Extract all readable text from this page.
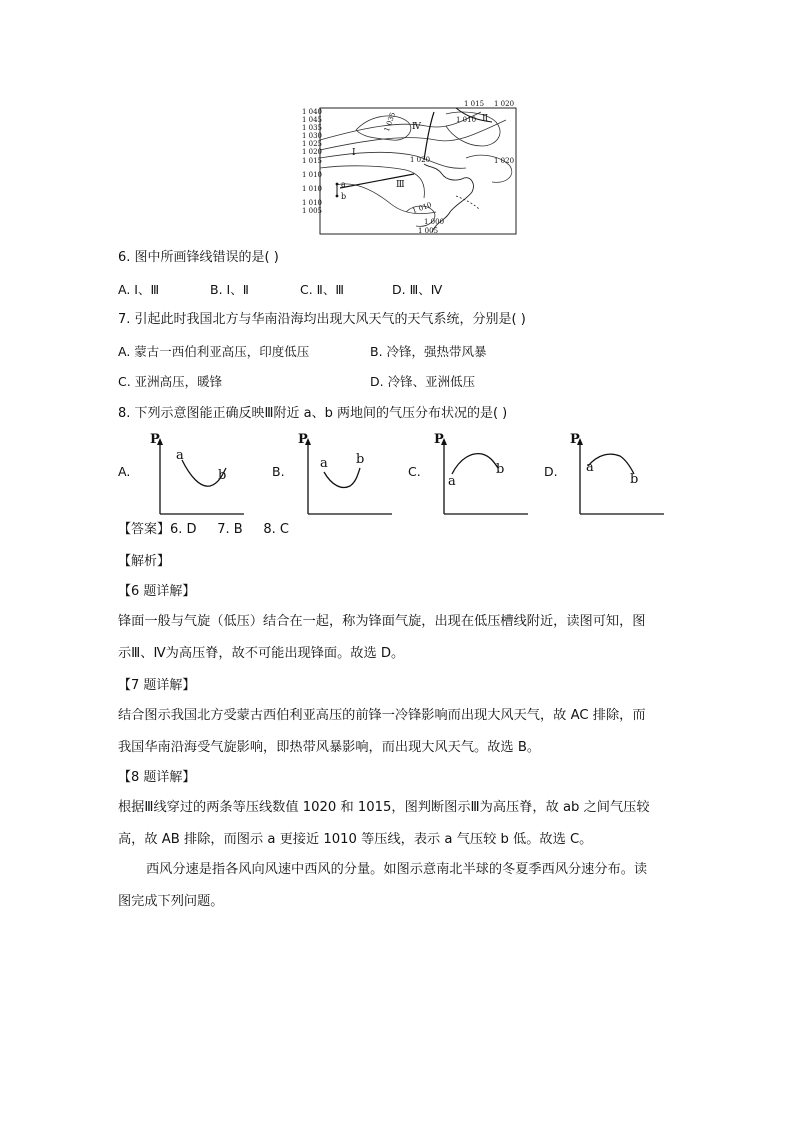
1 040
1 045
1 035
1 030
1 025
1 020
1 015
1 010
1 010
1 010
1 005
1 015 1 020
1 035	1 010
1 020	1 020
1 010
1 000
1 005
Ⅳ
Ⅱ
Ⅰ
Ⅲ
a
b
6. 图中所画锋线错误的是( )
A. Ⅰ、Ⅲ	B. Ⅰ、Ⅱ	C. Ⅱ、Ⅲ	D. Ⅲ、Ⅳ
7. 引起此时我国北方与华南沿海均出现大风天气的天气系统，分别是( )
A. 蒙古一西伯利亚高压，印度低压	B. 冷锋，强热带风暴
C. 亚洲高压，暖锋	D. 冷锋、亚洲低压
8. 下列示意图能正确反映Ⅲ附近 a、b 两地间的气压分布状况的是( )
A.	B.	C.	D.
P
a
b
P
a b
P
a
b
P
a
b
【答案】6. D     7. B     8. C
【解析】
【6 题详解】
锋面一般与气旋（低压）结合在一起，称为锋面气旋，出现在低压槽线附近，读图可知，图
示Ⅲ、Ⅳ为高压脊，故不可能出现锋面。故选 D。
【7 题详解】
结合图示我国北方受蒙古西伯利亚高压的前锋一冷锋影响而出现大风天气，故 AC 排除，而
我国华南沿海受气旋影响，即热带风暴影响，而出现大风天气。故选 B。
【8 题详解】
根据Ⅲ线穿过的两条等压线数值 1020 和 1015，图判断图示Ⅲ为高压脊，故 ab 之间气压较
高，故 AB 排除，而图示 a 更接近 1010 等压线，表示 a 气压较 b 低。故选 C。
西风分速是指各风向风速中西风的分量。如图示意南北半球的冬夏季西风分速分布。读
图完成下列问题。
